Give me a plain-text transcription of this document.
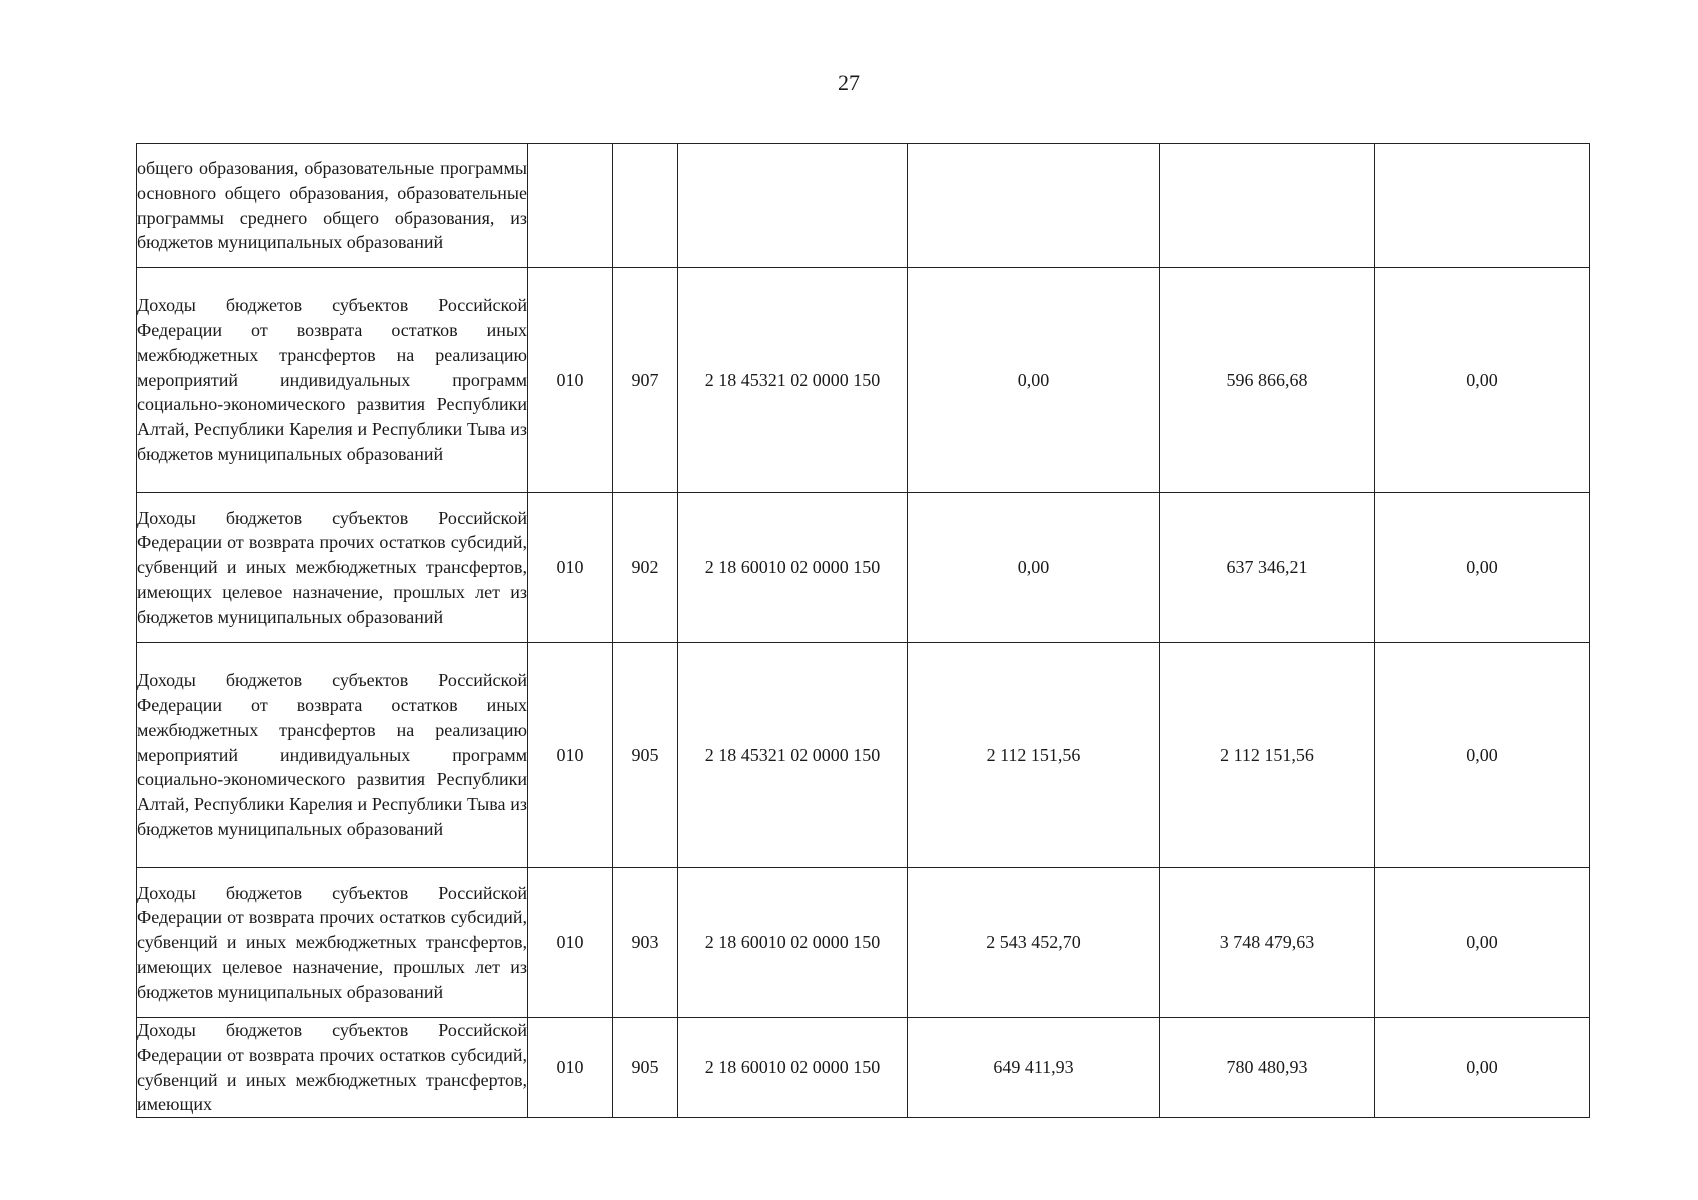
27
общего образования, образовательные программы основного общего образования, образовательные программы среднего общего образования, из бюджетов муниципальных образований						
Доходы бюджетов субъектов Российской Федерации от возврата остатков иных межбюджетных трансфертов на реализацию мероприятий индивидуальных программ социально-экономического развития Республики Алтай, Республики Карелия и Республики Тыва из бюджетов муниципальных образований	010	907	2 18 45321 02 0000 150	0,00	596 866,68	0,00
Доходы бюджетов субъектов Российской Федерации от возврата прочих остатков субсидий, субвенций и иных межбюджетных трансфертов, имеющих целевое назначение, прошлых лет из бюджетов муниципальных образований	010	902	2 18 60010 02 0000 150	0,00	637 346,21	0,00
Доходы бюджетов субъектов Российской Федерации от возврата остатков иных межбюджетных трансфертов на реализацию мероприятий индивидуальных программ социально-экономического развития Республики Алтай, Республики Карелия и Республики Тыва из бюджетов муниципальных образований	010	905	2 18 45321 02 0000 150	2 112 151,56	2 112 151,56	0,00
Доходы бюджетов субъектов Российской Федерации от возврата прочих остатков субсидий, субвенций и иных межбюджетных трансфертов, имеющих целевое назначение, прошлых лет из бюджетов муниципальных образований	010	903	2 18 60010 02 0000 150	2 543 452,70	3 748 479,63	0,00
Доходы бюджетов субъектов Российской Федерации от возврата прочих остатков субсидий, субвенций и иных межбюджетных трансфертов, имеющих	010	905	2 18 60010 02 0000 150	649 411,93	780 480,93	0,00
